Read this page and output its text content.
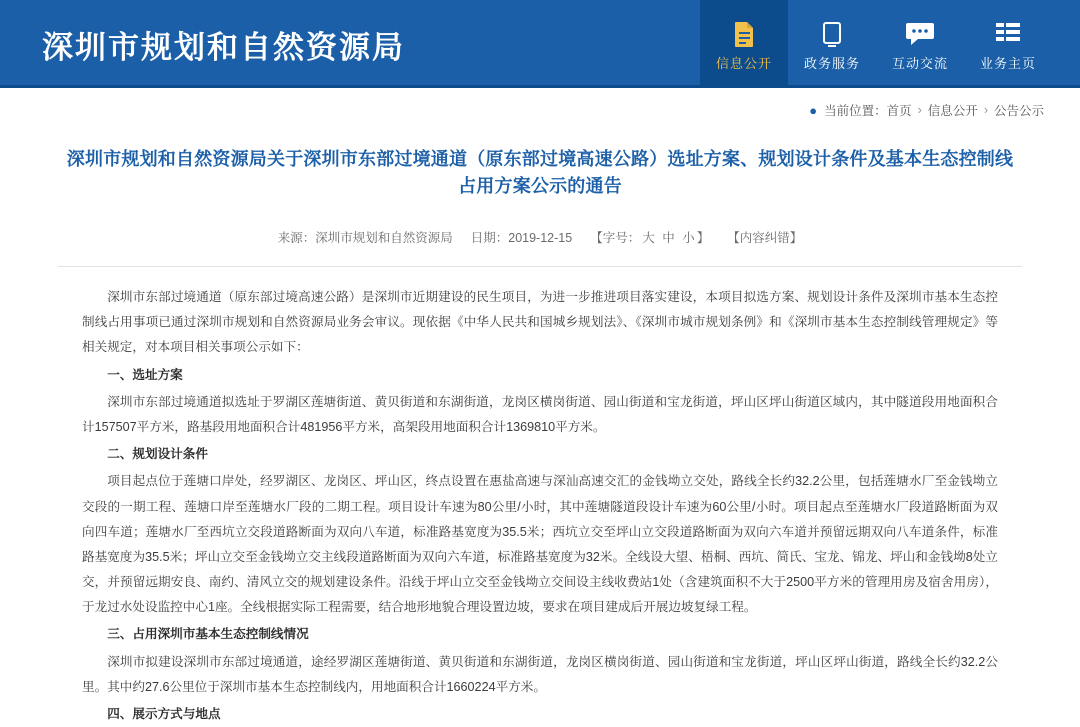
深圳市规划和自然资源局	信息公开 政务服务 互动交流 业务主页
● 当前位置： 首页 › 信息公开 › 公告公示
深圳市规划和自然资源局关于深圳市东部过境通道（原东部过境高速公路）选址方案、规划设计条件及基本生态控制线占用方案公示的通告
来源：深圳市规划和自然资源局 日期：2019-12-15 【字号： 大 中 小 】 【内容纠错】

深圳市东部过境通道（原东部过境高速公路）是深圳市近期建设的民生项目，为进一步推进项目落实建设，本项目拟选方案、规划设计条件及深圳市基本生态控制线占用事项已通过深圳市规划和自然资源局业务会审议。现依据《中华人民共和国城乡规划法》、《深圳市城市规划条例》和《深圳市基本生态控制线管理规定》等相关规定，对本项目相关事项公示如下：

一、选址方案

深圳市东部过境通道拟选址于罗湖区莲塘街道、黄贝街道和东湖街道，龙岗区横岗街道、园山街道和宝龙街道，坪山区坪山街道区域内，其中隧道段用地面积合计157507平方米，路基段用地面积合计481956平方米，高架段用地面积合计1369810平方米。

二、规划设计条件

项目起点位于莲塘口岸处，经罗湖区、龙岗区、坪山区，终点设置在惠盐高速与深汕高速交汇的金钱坳立交处，路线全长约32.2公里，包括莲塘水厂至金钱坳立交段的一期工程、莲塘口岸至莲塘水厂段的二期工程。项目设计车速为80公里/小时，其中莲塘隧道段设计车速为60公里/小时。项目起点至莲塘水厂段道路断面为双向四车道；莲塘水厂至西坑立交段道路断面为双向八车道，标准路基宽度为35.5米；西坑立交至坪山立交段道路断面为双向六车道并预留远期双向八车道条件，标准路基宽度为35.5米；坪山立交至金钱坳立交主线段道路断面为双向六车道，标准路基宽度为32米。全线设大望、梧桐、西坑、简氏、宝龙、锦龙、坪山和金钱坳8处立交，并预留远期安良、南约、清风立交的规划建设条件。沿线于坪山立交至金钱坳立交间设主线收费站1处（含建筑面积不大于2500平方米的管理用房及宿舍用房），于龙过水处设监控中心1座。全线根据实际工程需要，结合地形地貌合理设置边坡，要求在项目建成后开展边坡复绿工程。

三、占用深圳市基本生态控制线情况

深圳市拟建设深圳市东部过境通道，途经罗湖区莲塘街道、黄贝街道和东湖街道，龙岗区横岗街道、园山街道和宝龙街道，坪山区坪山街道，路线全长约32.2公里。其中约27.6公里位于深圳市基本生态控制线内，用地面积合计1660224平方米。

四、展示方式与地点
